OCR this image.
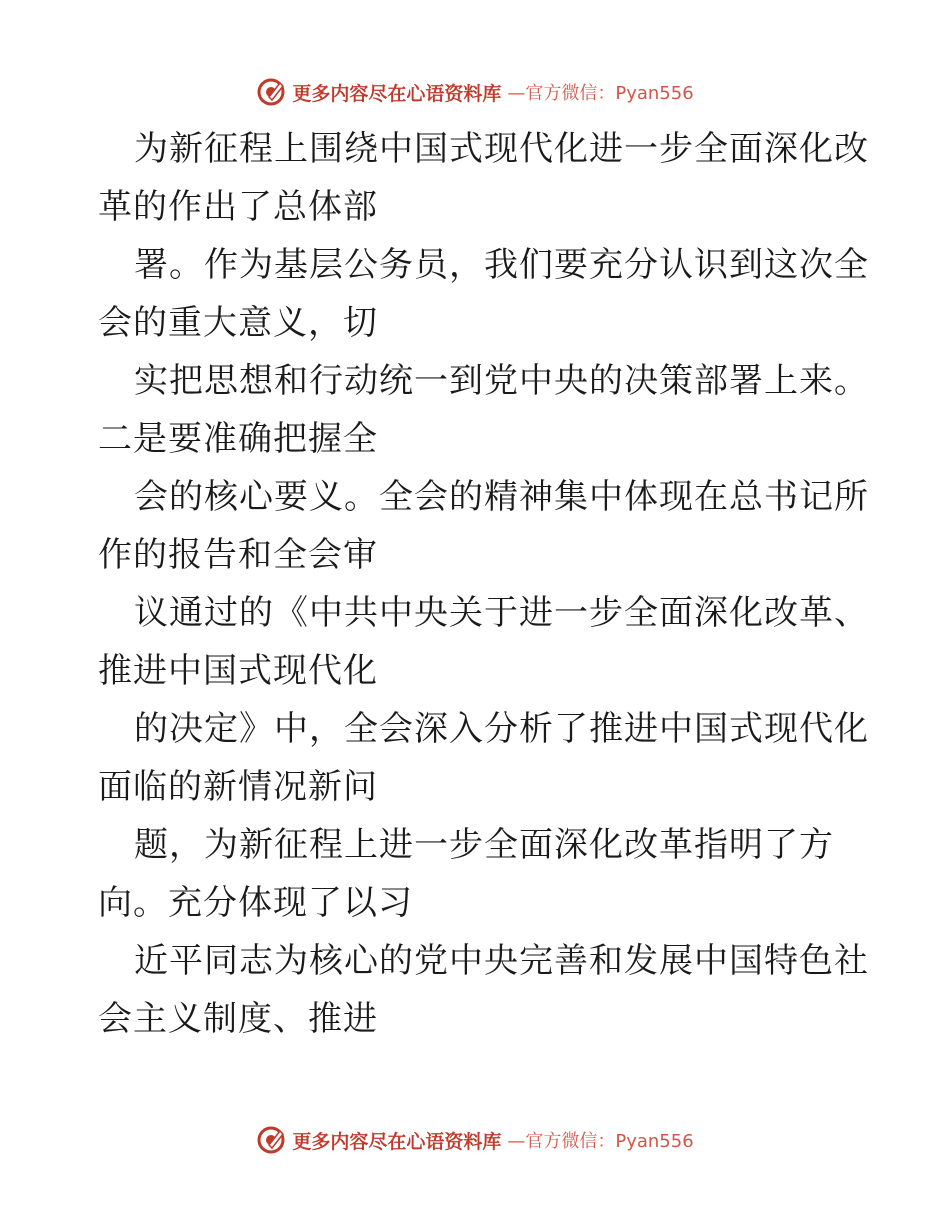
更多内容尽在心语资料库 —官方微信：Pyan556
为新征程上围绕中国式现代化进一步全面深化改
革的作出了总体部
署。作为基层公务员，我们要充分认识到这次全
会的重大意义，切
实把思想和行动统一到党中央的决策部署上来。
二是要准确把握全
会的核心要义。全会的精神集中体现在总书记所
作的报告和全会审
议通过的《中共中央关于进一步全面深化改革、
推进中国式现代化
的决定》中，全会深入分析了推进中国式现代化
面临的新情况新问
题，为新征程上进一步全面深化改革指明了方
向。充分体现了以习
近平同志为核心的党中央完善和发展中国特色社
会主义制度、推进
更多内容尽在心语资料库 —官方微信：Pyan556
